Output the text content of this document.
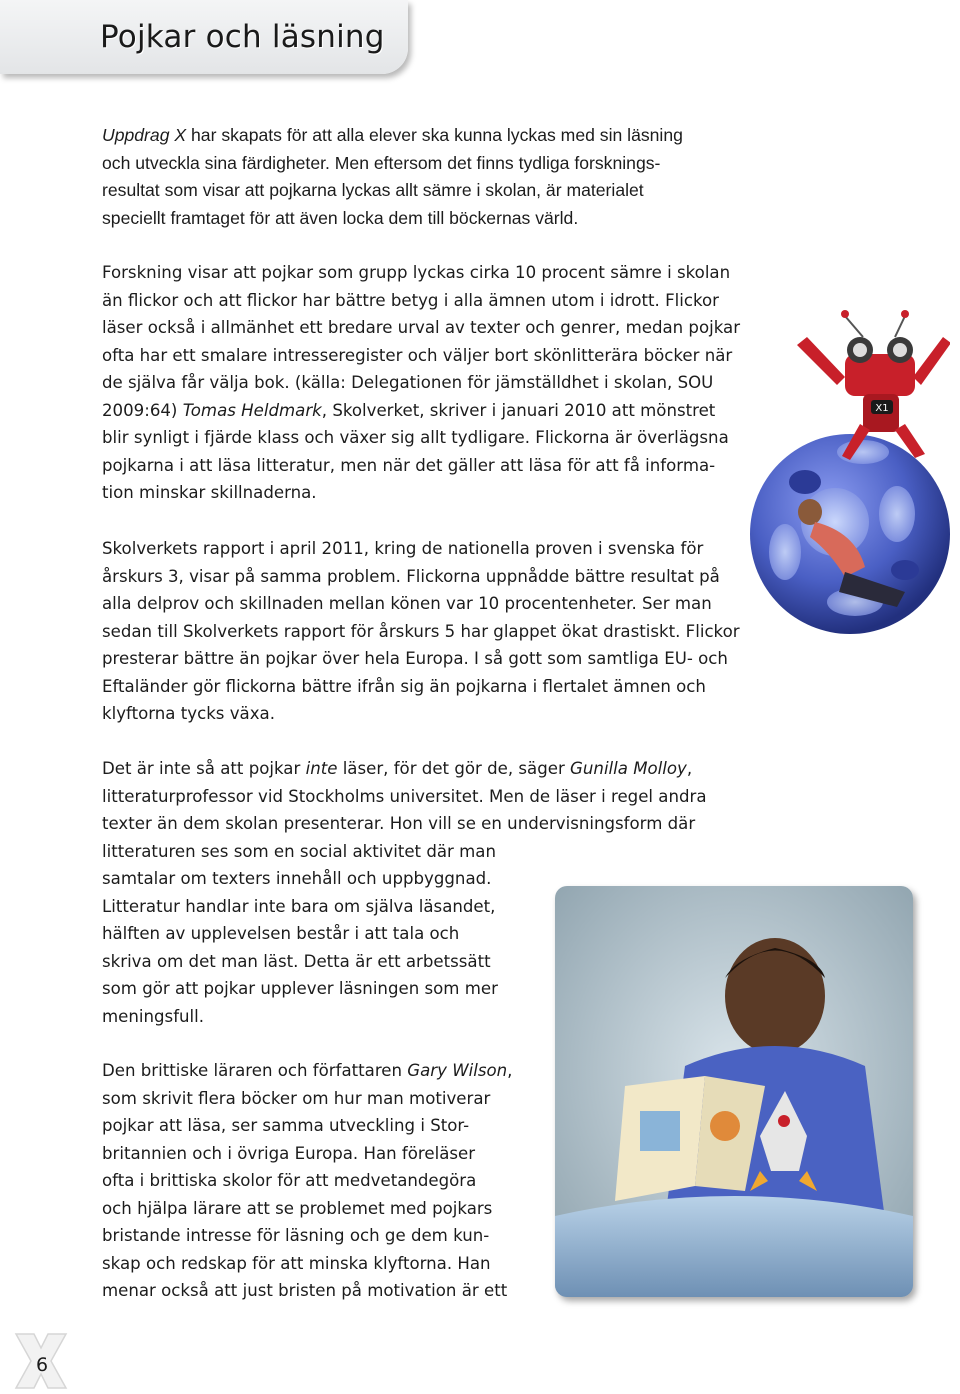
Pojkar och läsning

Uppdrag X har skapats för att alla elever ska kunna lyckas med sin läsning
och utveckla sina färdigheter. Men eftersom det finns tydliga forsknings-
resultat som visar att pojkarna lyckas allt sämre i skolan, är materialet
speciellt framtaget för att även locka dem till böckernas värld.

Forskning visar att pojkar som grupp lyckas cirka 10 procent sämre i skolan
än flickor och att flickor har bättre betyg i alla ämnen utom i idrott. Flickor
läser också i allmänhet ett bredare urval av texter och genrer, medan pojkar
ofta har ett smalare intresseregister och väljer bort skönlitterära böcker när
de själva får välja bok. (källa: Delegationen för jämställdhet i skolan, SOU
2009:64) Tomas Heldmark, Skolverket, skriver i januari 2010 att mönstret
blir synligt i fjärde klass och växer sig allt tydligare. Flickorna är överlägsna
pojkarna i att läsa litteratur, men när det gäller att läsa för att få informa-
tion minskar skillnaderna.

Skolverkets rapport i april 2011, kring de nationella proven i svenska för
årskurs 3, visar på samma problem. Flickorna uppnådde bättre resultat på
alla delprov och skillnaden mellan könen var 10 procentenheter. Ser man
sedan till Skolverkets rapport för årskurs 5 har glappet ökat drastiskt. Flickor
presterar bättre än pojkar över hela Europa. I så gott som samtliga EU- och
Eftaländer gör flickorna bättre ifrån sig än pojkarna i flertalet ämnen och
klyftorna tycks växa.

Det är inte så att pojkar inte läser, för det gör de, säger Gunilla Molloy,
litteraturprofessor vid Stockholms universitet. Men de läser i regel andra
texter än dem skolan presenterar. Hon vill se en undervisningsform där
litteraturen ses som en social aktivitet där man
samtalar om texters innehåll och uppbyggnad.
Litteratur handlar inte bara om själva läsandet,
hälften av upplevelsen består i att tala och
skriva om det man läst. Detta är ett arbetssätt
som gör att pojkar upplever läsningen som mer
meningsfull.

Den brittiske läraren och författaren Gary Wilson,
som skrivit flera böcker om hur man motiverar
pojkar att läsa, ser samma utveckling i Stor-
britannien och i övriga Europa. Han föreläser
ofta i brittiska skolor för att medvetandegöra
och hjälpa lärare att se problemet med pojkars
bristande intresse för läsning och ge dem kun-
skap och redskap för att minska klyftorna. Han
menar också att just bristen på motivation är ett

X1
6
